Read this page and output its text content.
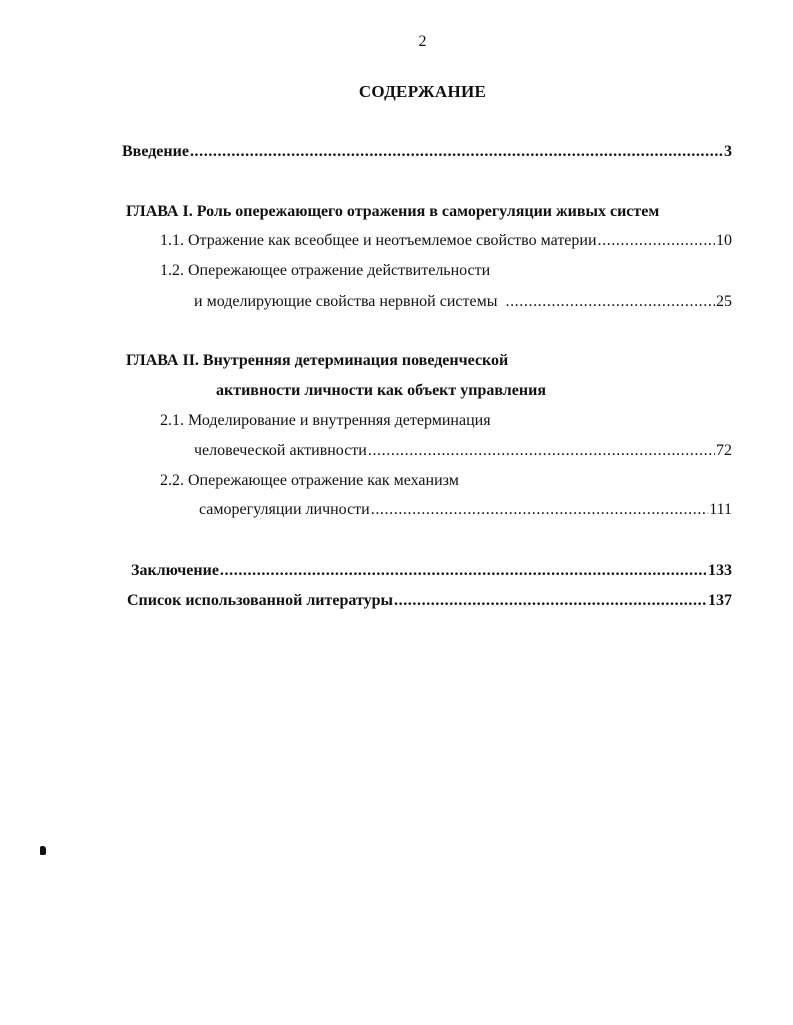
2
СОДЕРЖАНИЕ
Введение .....	3
ГЛАВА I. Роль опережающего отражения в саморегуляции живых систем
1.1. Отражение как всеобщее и неотъемлемое свойство материи .....	10
1.2. Опережающее отражение действительности
и моделирующие свойства нервной системы .....	25
ГЛАВА II. Внутренняя детерминация поведенческой
активности личности как объект управления
2.1. Моделирование и внутренняя детерминация
человеческой активности .....	72
2.2. Опережающее отражение как механизм
саморегуляции личности .....	111
Заключение .....	133
Список использованной литературы .....	137
